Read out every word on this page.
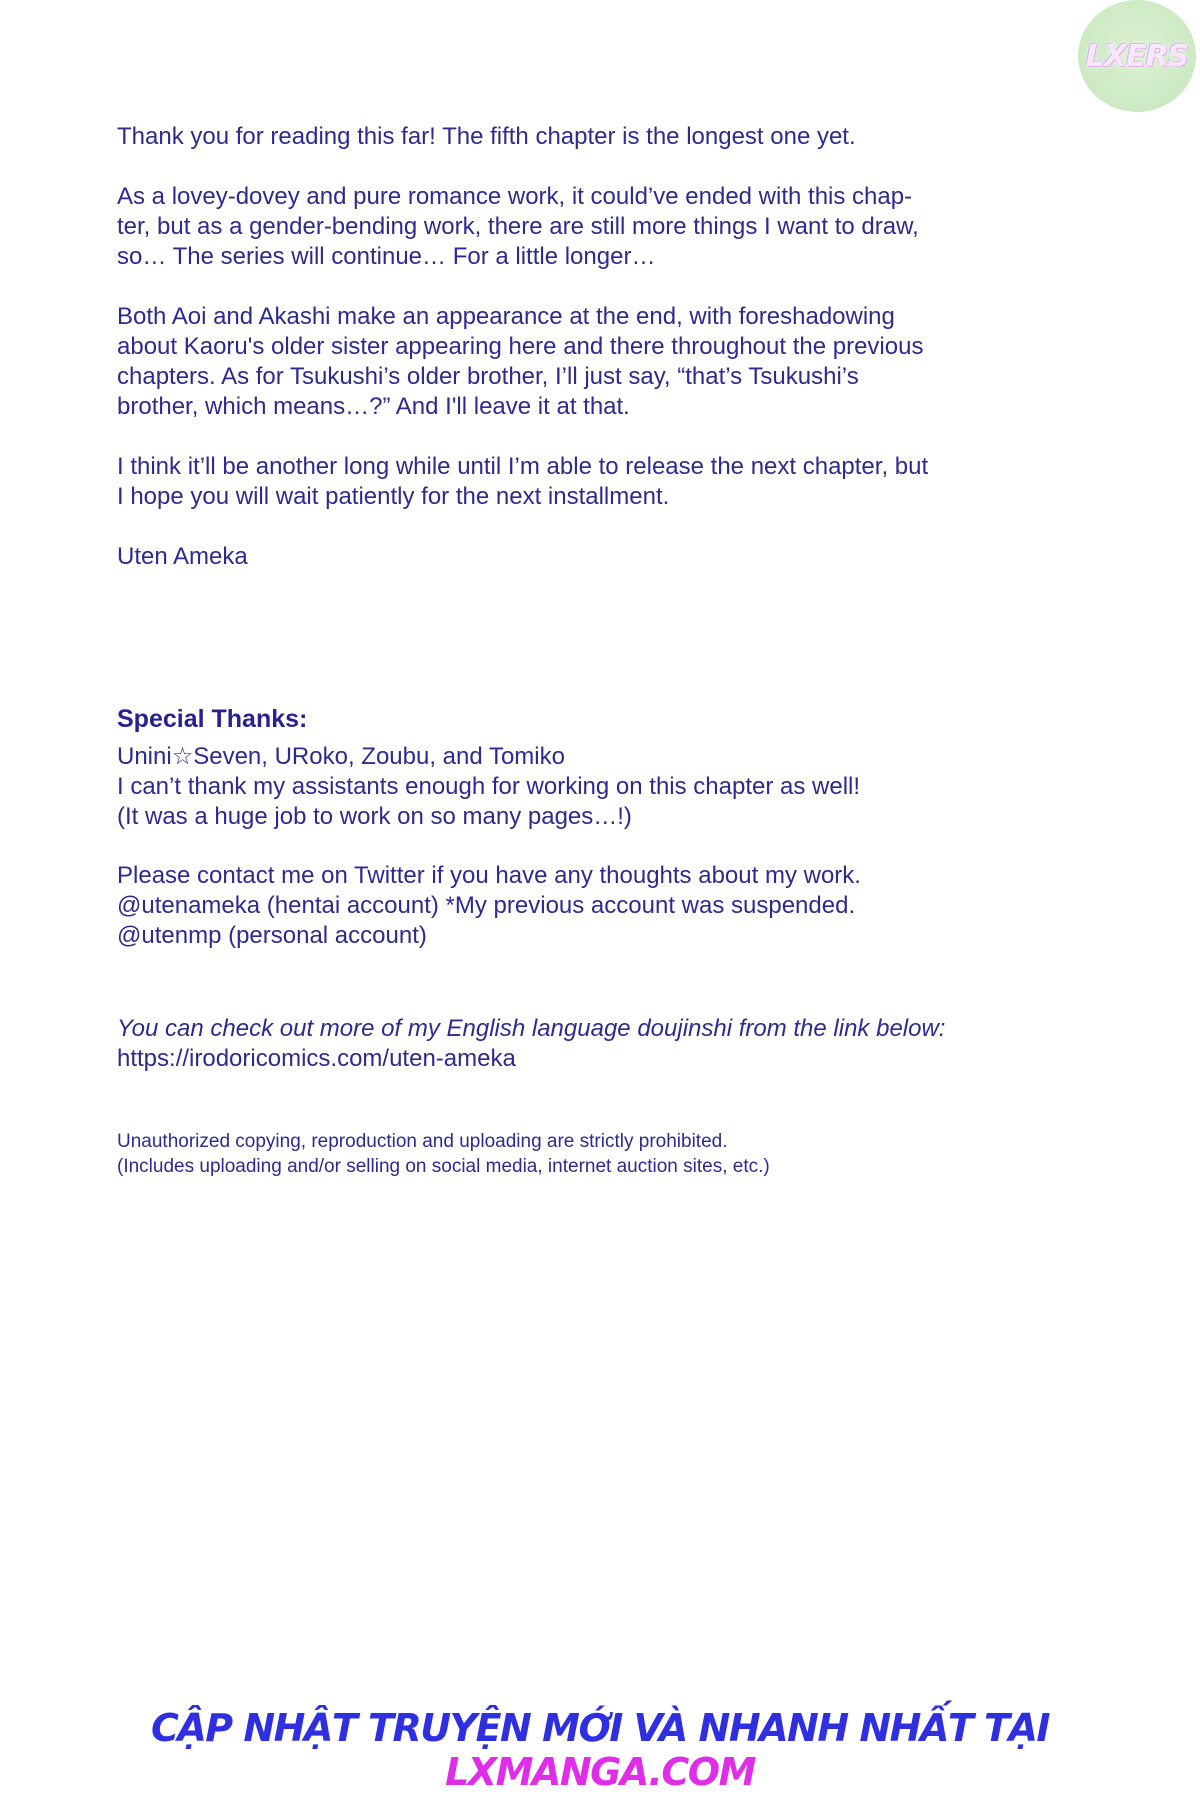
LXERS

Thank you for reading this far! The fifth chapter is the longest one yet.

As a lovey-dovey and pure romance work, it could’ve ended with this chap-
ter, but as a gender-bending work, there are still more things I want to draw,
so… The series will continue… For a little longer…

Both Aoi and Akashi make an appearance at the end, with foreshadowing
about Kaoru's older sister appearing here and there throughout the previous
chapters. As for Tsukushi’s older brother, I’ll just say, “that’s Tsukushi’s
brother, which means…?” And I'll leave it at that.

I think it’ll be another long while until I’m able to release the next chapter, but
I hope you will wait patiently for the next installment.

Uten Ameka

Special Thanks:

Unini☆Seven, URoko, Zoubu, and Tomiko

I can’t thank my assistants enough for working on this chapter as well!

(It was a huge job to work on so many pages…!)

Please contact me on Twitter if you have any thoughts about my work.

@utenameka (hentai account) *My previous account was suspended.

@utenmp (personal account)

You can check out more of my English language doujinshi from the link below:

https://irodoricomics.com/uten-ameka

Unauthorized copying, reproduction and uploading are strictly prohibited.
(Includes uploading and/or selling on social media, internet auction sites, etc.)

CẬP NHẬT TRUYỆN MỚI VÀ NHANH NHẤT TẠI LXMANGA.COM
